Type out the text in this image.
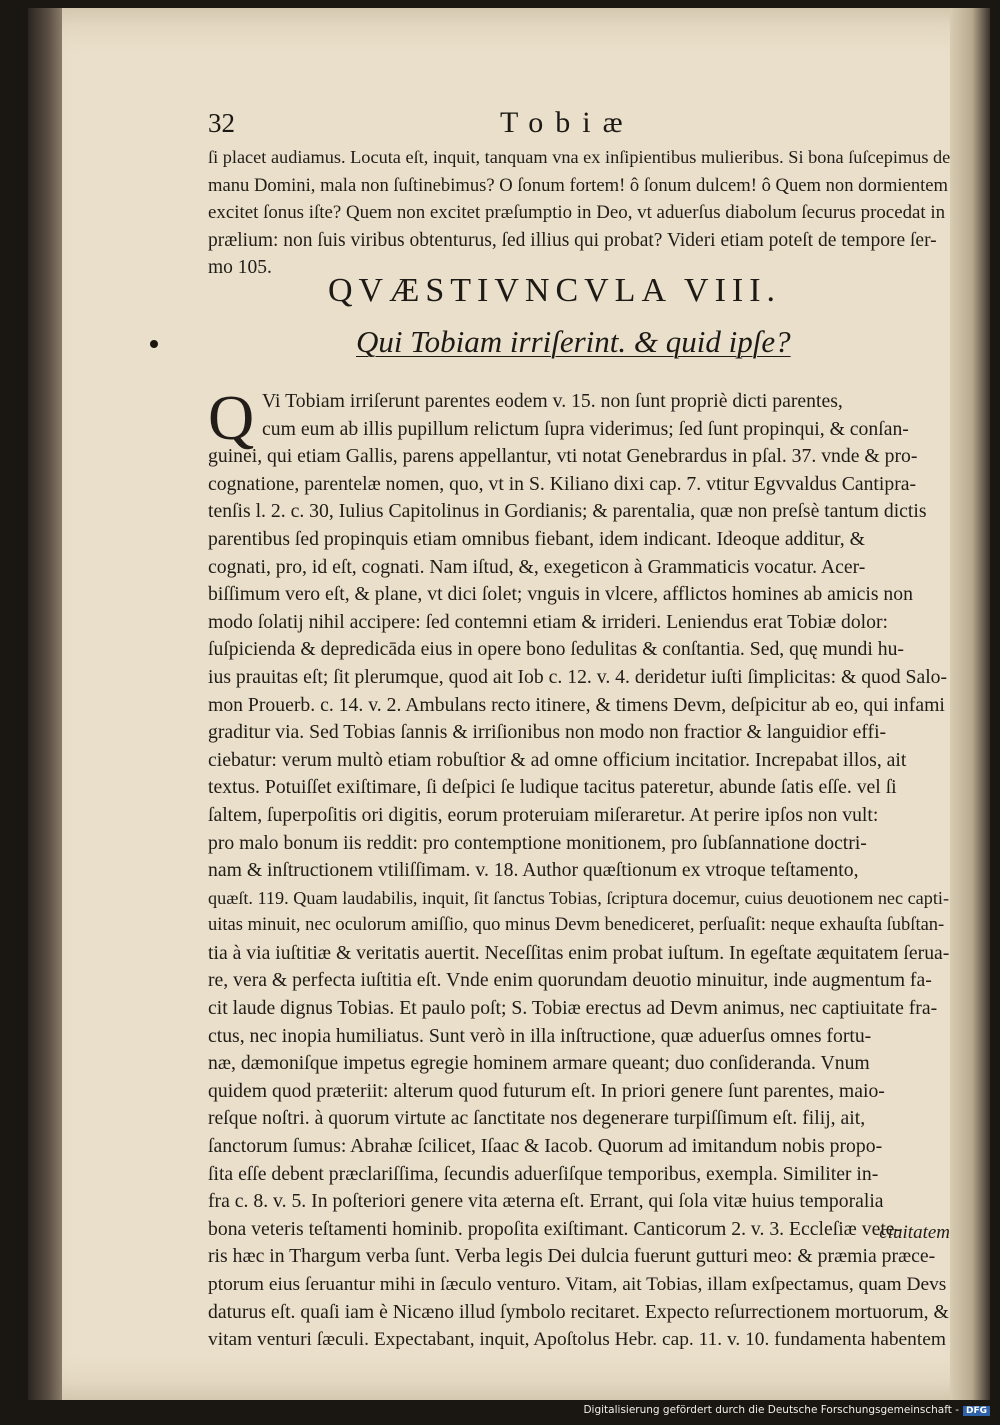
32	Tobiæ
ſi placet audiamus. Locuta eſt, inquit, tanquam vna ex inſipientibus mulieribus. Si bona ſuſcepimus de
manu Domini, mala non ſuſtinebimus? O ſonum fortem! ô ſonum dulcem! ô Quem non dormientem
excitet ſonus iſte? Quem non excitet præſumptio in Deo, vt aduerſus diabolum ſecurus procedat in
prælium: non ſuis viribus obtenturus, ſed illius qui probat? Videri etiam poteſt de tempore ſer-
mo 105.
QVÆSTIVNCVLA VIII.
Qui Tobiam irriſerint. & quid ipſe?
Q Vi Tobiam irriſerunt parentes eodem v. 15. non ſunt propriè dicti parentes,
cum eum ab illis pupillum relictum ſupra viderimus; ſed ſunt propinqui, & conſan-
guinei, qui etiam Gallis, parens appellantur, vti notat Genebrardus in pſal. 37. vnde & pro-
cognatione, parentelæ nomen, quo, vt in S. Kiliano dixi cap. 7. vtitur Egvvaldus Cantipra-
tenſis l. 2. c. 30, Iulius Capitolinus in Gordianis; & parentalia, quæ non preſsè tantum dictis
parentibus ſed propinquis etiam omnibus fiebant, idem indicant. Ideoque additur, &
cognati, pro, id eſt, cognati. Nam iſtud, &, exegeticon à Grammaticis vocatur. Acer-
biſſimum vero eſt, & plane, vt dici ſolet; vnguis in vlcere, afflictos homines ab amicis non
modo ſolatij nihil accipere: ſed contemni etiam & irrideri. Leniendus erat Tobiæ dolor:
ſuſpicienda & depredicāda eius in opere bono ſedulitas & conſtantia. Sed, quę mundi hu-
ius prauitas eſt; ſit plerumque, quod ait Iob c. 12. v. 4. deridetur iuſti ſimplicitas: & quod Salo-
mon Prouerb. c. 14. v. 2. Ambulans recto itinere, & timens Devm, deſpicitur ab eo, qui infami
graditur via. Sed Tobias ſannis & irriſionibus non modo non fractior & languidior effi-
ciebatur: verum multò etiam robuſtior & ad omne officium incitatior. Increpabat illos, ait
textus. Potuiſſet exiſtimare, ſi deſpici ſe ludique tacitus pateretur, abunde ſatis eſſe. vel ſi
ſaltem, ſuperpoſitis ori digitis, eorum proteruiam miſeraretur. At perire ipſos non vult:
pro malo bonum iis reddit: pro contemptione monitionem, pro ſubſannatione doctri-
nam & inſtructionem vtiliſſimam. v. 18. Author quæſtionum ex vtroque teſtamento,
quæſt. 119. Quam laudabilis, inquit, ſit ſanctus Tobias, ſcriptura docemur, cuius deuotionem nec capti-
uitas minuit, nec oculorum amiſſio, quo minus Devm benediceret, perſuaſit: neque exhauſta ſubſtan-
tia à via iuſtitiæ & veritatis auertit. Neceſſitas enim probat iuſtum. In egeſtate æquitatem ſerua-
re, vera & perfecta iuſtitia eſt. Vnde enim quorundam deuotio minuitur, inde augmentum fa-
cit laude dignus Tobias. Et paulo poſt; S. Tobiæ erectus ad Devm animus, nec captiuitate fra-
ctus, nec inopia humiliatus. Sunt verò in illa inſtructione, quæ aduerſus omnes fortu-
næ, dæmoniſque impetus egregie hominem armare queant; duo conſideranda. Vnum
quidem quod præteriit: alterum quod futurum eſt. In priori genere ſunt parentes, maio-
reſque noſtri. à quorum virtute ac ſanctitate nos degenerare turpiſſimum eſt. filij, ait,
ſanctorum ſumus: Abrahæ ſcilicet, Iſaac & Iacob. Quorum ad imitandum nobis propo-
ſita eſſe debent præclariſſima, ſecundis aduerſiſque temporibus, exempla. Similiter in-
fra c. 8. v. 5. In poſteriori genere vita æterna eſt. Errant, qui ſola vitæ huius temporalia
bona veteris teſtamenti hominib. propoſita exiſtimant. Canticorum 2. v. 3. Eccleſiæ vete-
ris hæc in Thargum verba ſunt. Verba legis Dei dulcia fuerunt gutturi meo: & præmia præce-
ptorum eius ſeruantur mihi in ſæculo venturo. Vitam, ait Tobias, illam exſpectamus, quam Devs
daturus eſt. quaſi iam è Nicæno illud ſymbolo recitaret. Expecto reſurrectionem mortuorum, &
vitam venturi ſæculi. Expectabant, inquit, Apoſtolus Hebr. cap. 11. v. 10. fundamenta habentem
ciuitatem
Digitalisierung gefördert durch die Deutsche Forschungsgemeinschaft - DFG
